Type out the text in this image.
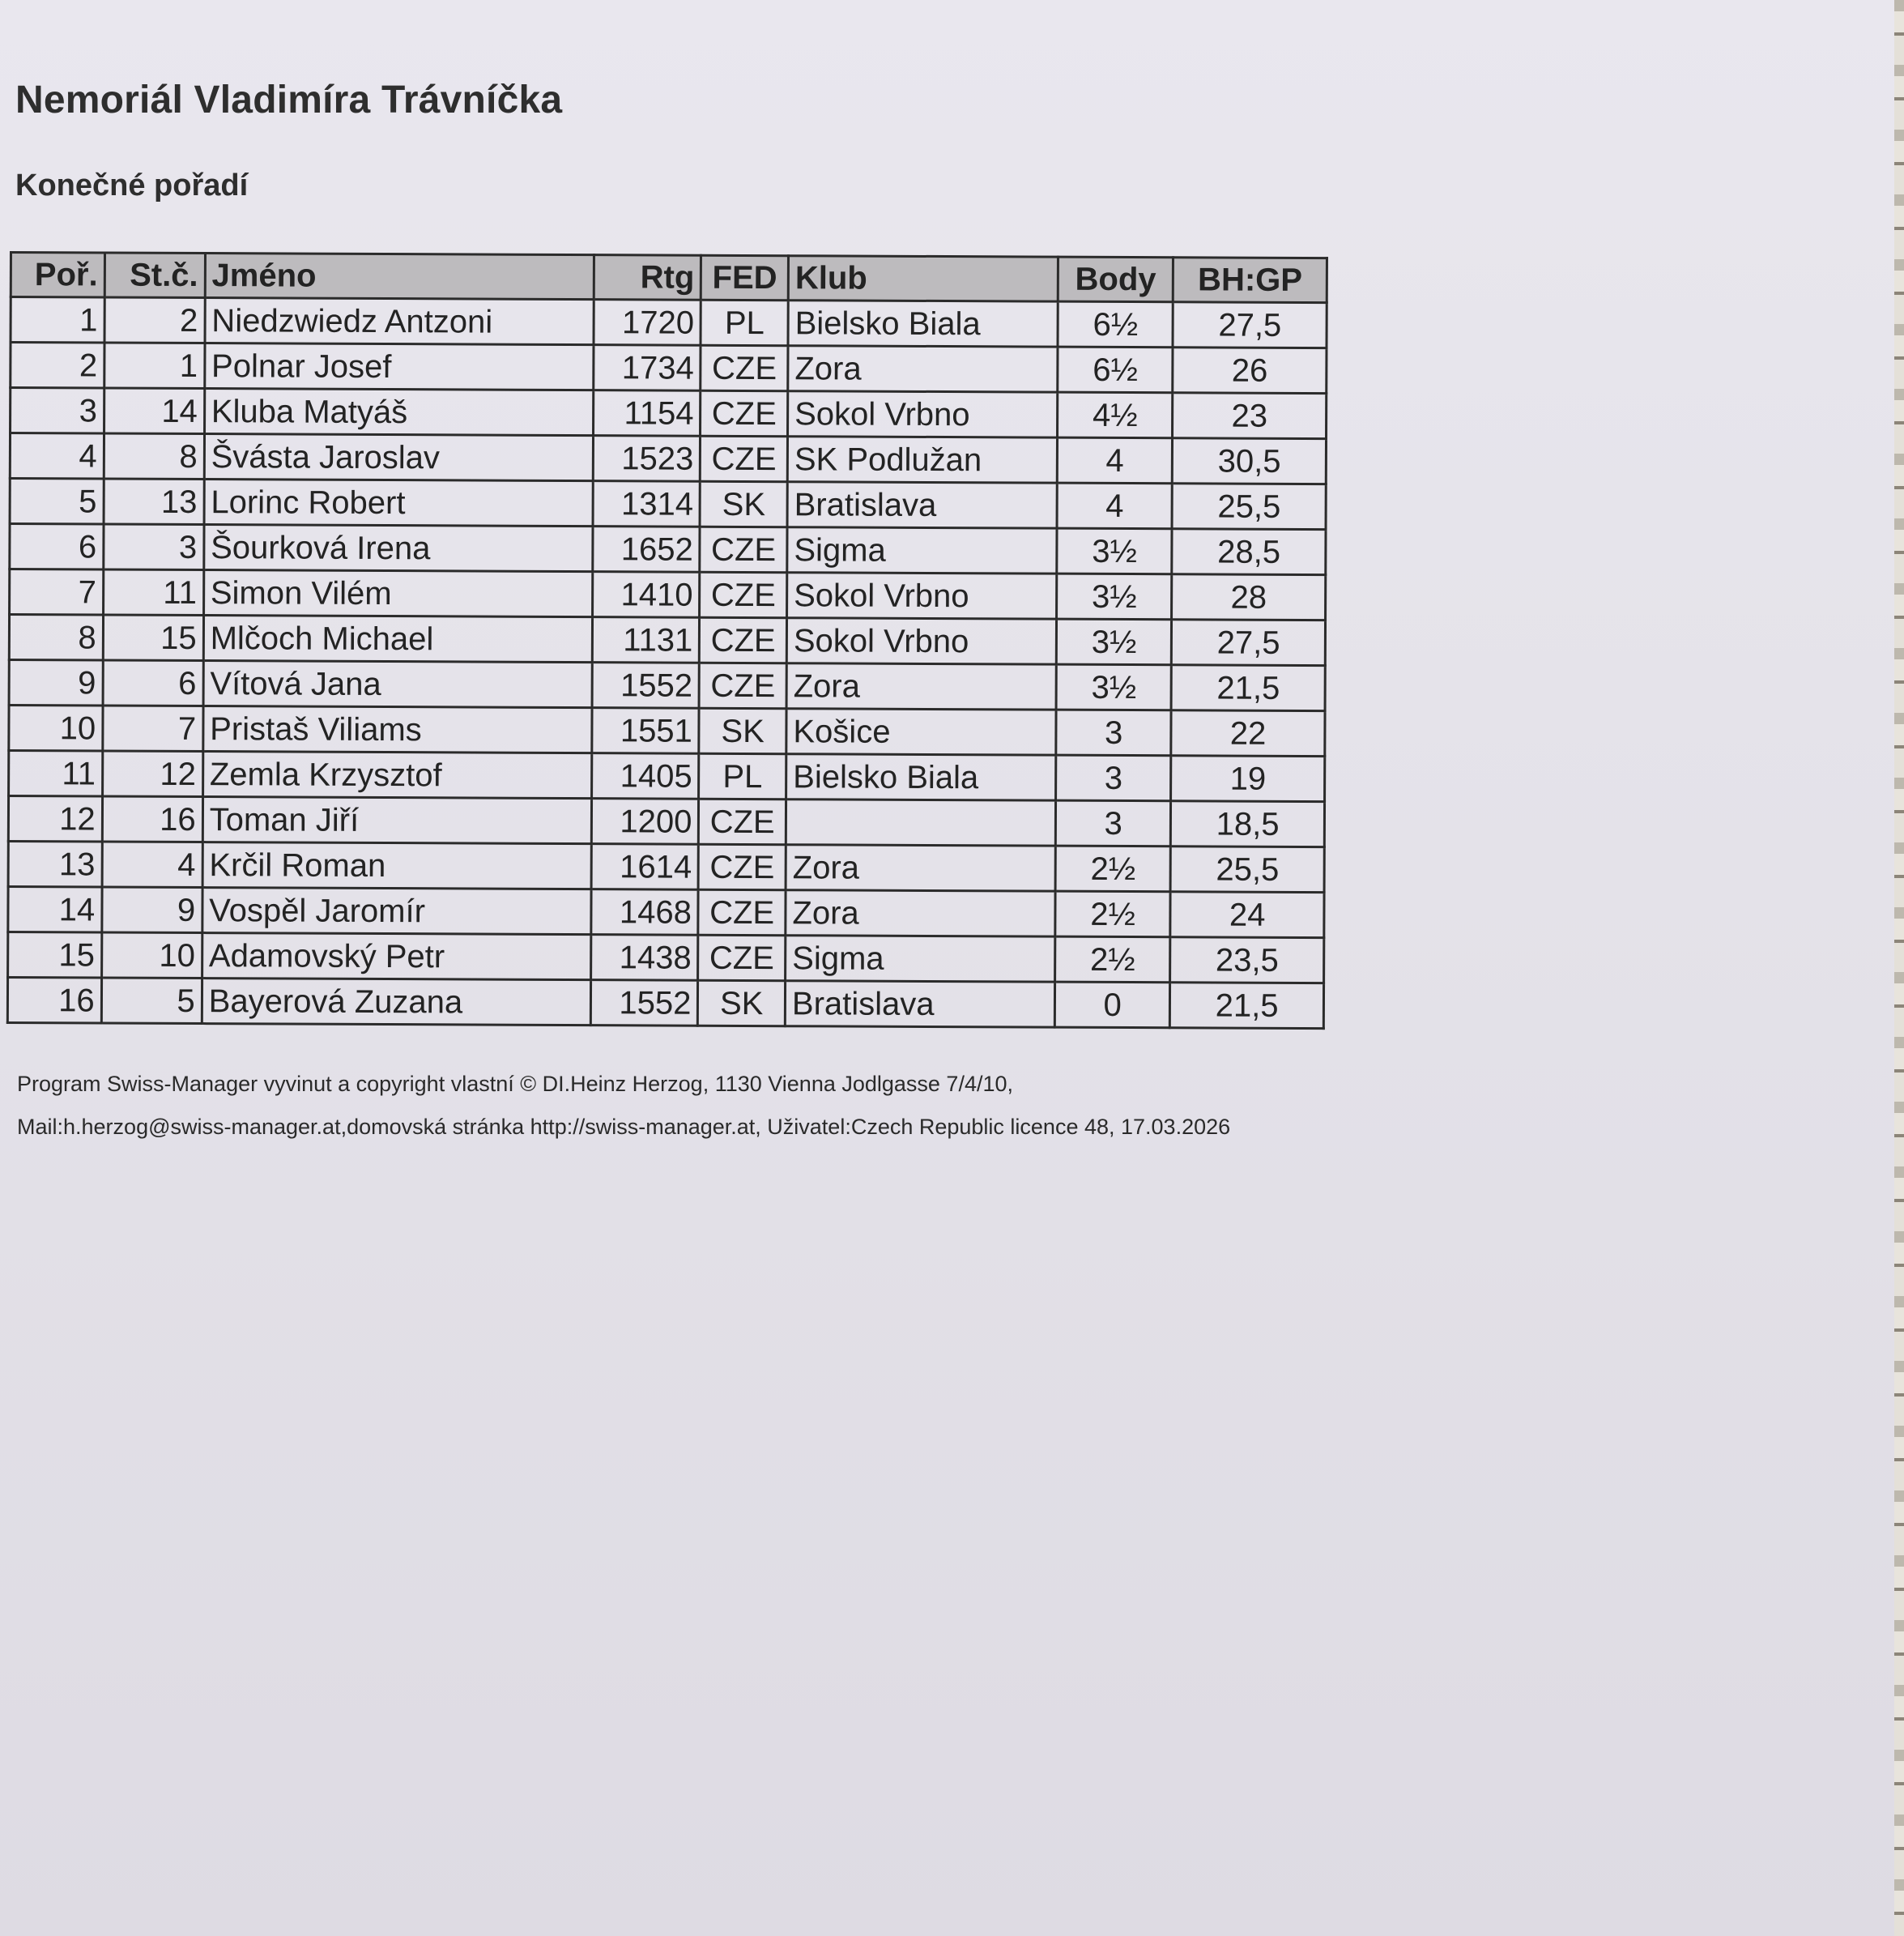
Nemoriál Vladimíra Trávníčka
Konečné pořadí
Poř.	St.č.	Jméno	Rtg	FED	Klub	Body	BH:GP
1	2	Niedzwiedz Antzoni	1720	PL	Bielsko Biala	6½	27,5
2	1	Polnar Josef	1734	CZE	Zora	6½	26
3	14	Kluba Matyáš	1154	CZE	Sokol Vrbno	4½	23
4	8	Švásta Jaroslav	1523	CZE	SK Podlužan	4	30,5
5	13	Lorinc Robert	1314	SK	Bratislava	4	25,5
6	3	Šourková Irena	1652	CZE	Sigma	3½	28,5
7	11	Simon Vilém	1410	CZE	Sokol Vrbno	3½	28
8	15	Mlčoch Michael	1131	CZE	Sokol Vrbno	3½	27,5
9	6	Vítová Jana	1552	CZE	Zora	3½	21,5
10	7	Pristaš Viliams	1551	SK	Košice	3	22
11	12	Zemla Krzysztof	1405	PL	Bielsko Biala	3	19
12	16	Toman Jiří	1200	CZE		3	18,5
13	4	Krčil Roman	1614	CZE	Zora	2½	25,5
14	9	Vospěl Jaromír	1468	CZE	Zora	2½	24
15	10	Adamovský Petr	1438	CZE	Sigma	2½	23,5
16	5	Bayerová Zuzana	1552	SK	Bratislava	0	21,5
Program Swiss-Manager vyvinut a copyright vlastní © DI.Heinz Herzog, 1130 Vienna Jodlgasse 7/4/10,
Mail:h.herzog@swiss-manager.at,domovská stránka http://swiss-manager.at, Uživatel:Czech Republic licence 48, 17.03.2026
